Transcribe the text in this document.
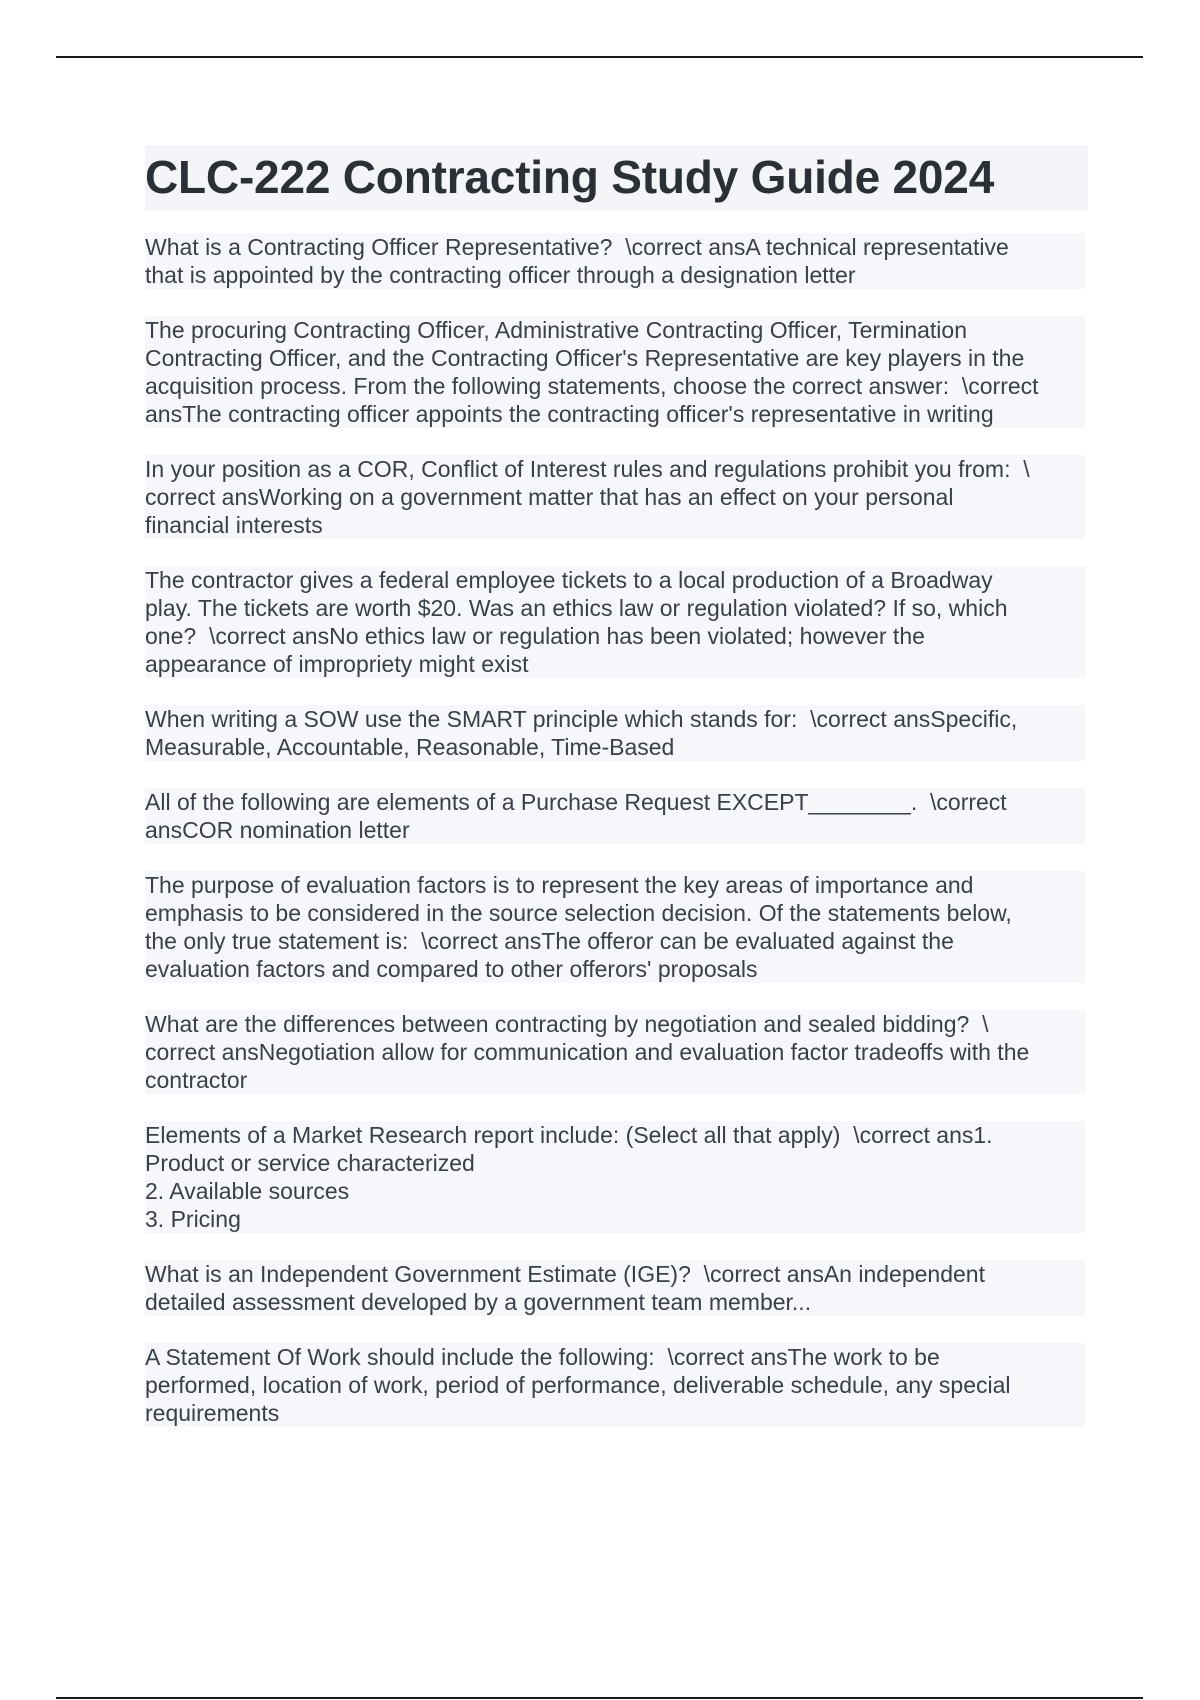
CLC-222 Contracting Study Guide 2024
What is a Contracting Officer Representative?  \correct ansA technical representative
that is appointed by the contracting officer through a designation letter
The procuring Contracting Officer, Administrative Contracting Officer, Termination
Contracting Officer, and the Contracting Officer's Representative are key players in the
acquisition process. From the following statements, choose the correct answer:  \correct
ansThe contracting officer appoints the contracting officer's representative in writing
In your position as a COR, Conflict of Interest rules and regulations prohibit you from:  \
correct ansWorking on a government matter that has an effect on your personal
financial interests
The contractor gives a federal employee tickets to a local production of a Broadway
play. The tickets are worth $20. Was an ethics law or regulation violated? If so, which
one?  \correct ansNo ethics law or regulation has been violated; however the
appearance of impropriety might exist
When writing a SOW use the SMART principle which stands for:  \correct ansSpecific,
Measurable, Accountable, Reasonable, Time-Based
All of the following are elements of a Purchase Request EXCEPT________.  \correct
ansCOR nomination letter
The purpose of evaluation factors is to represent the key areas of importance and
emphasis to be considered in the source selection decision. Of the statements below,
the only true statement is:  \correct ansThe offeror can be evaluated against the
evaluation factors and compared to other offerors' proposals
What are the differences between contracting by negotiation and sealed bidding?  \
correct ansNegotiation allow for communication and evaluation factor tradeoffs with the
contractor
Elements of a Market Research report include: (Select all that apply)  \correct ans1.
Product or service characterized
2. Available sources
3. Pricing
What is an Independent Government Estimate (IGE)?  \correct ansAn independent
detailed assessment developed by a government team member...
A Statement Of Work should include the following:  \correct ansThe work to be
performed, location of work, period of performance, deliverable schedule, any special
requirements
